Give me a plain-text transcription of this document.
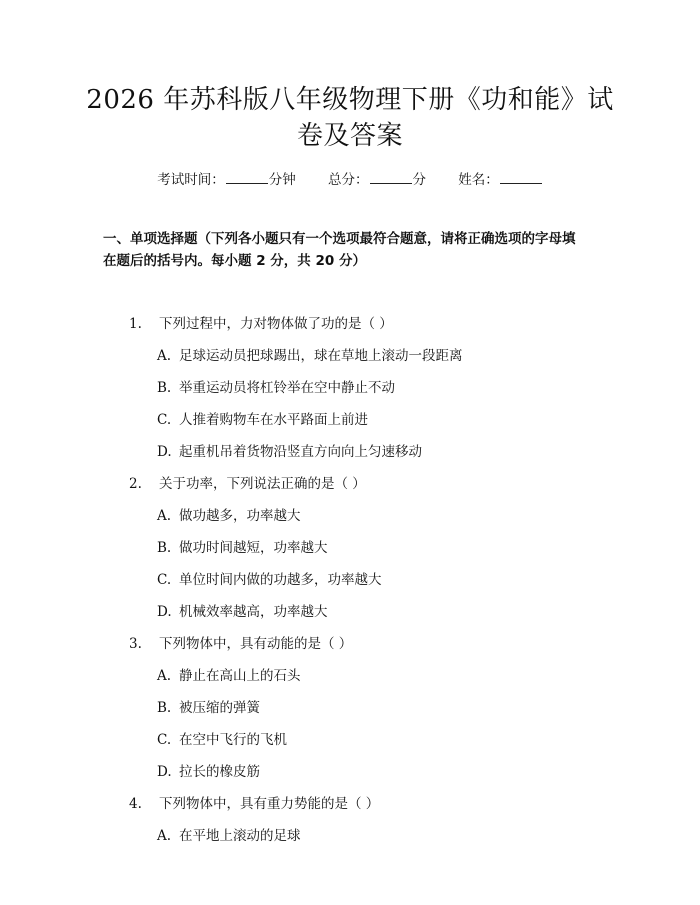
2026 年苏科版八年级物理下册《功和能》试
卷及答案
考试时间：	分钟 总分：	分 姓名：
一、单项选择题（下列各小题只有一个选项最符合题意，请将正确选项的字母填
在题后的括号内。每小题 2 分，共 20 分）
1. 下列过程中，力对物体做了功的是（ ）
A. 足球运动员把球踢出，球在草地上滚动一段距离
B. 举重运动员将杠铃举在空中静止不动
C. 人推着购物车在水平路面上前进
D. 起重机吊着货物沿竖直方向向上匀速移动
2. 关于功率，下列说法正确的是（ ）
A. 做功越多，功率越大
B. 做功时间越短，功率越大
C. 单位时间内做的功越多，功率越大
D. 机械效率越高，功率越大
3. 下列物体中，具有动能的是（ ）
A. 静止在高山上的石头
B. 被压缩的弹簧
C. 在空中飞行的飞机
D. 拉长的橡皮筋
4. 下列物体中，具有重力势能的是（ ）
A. 在平地上滚动的足球
